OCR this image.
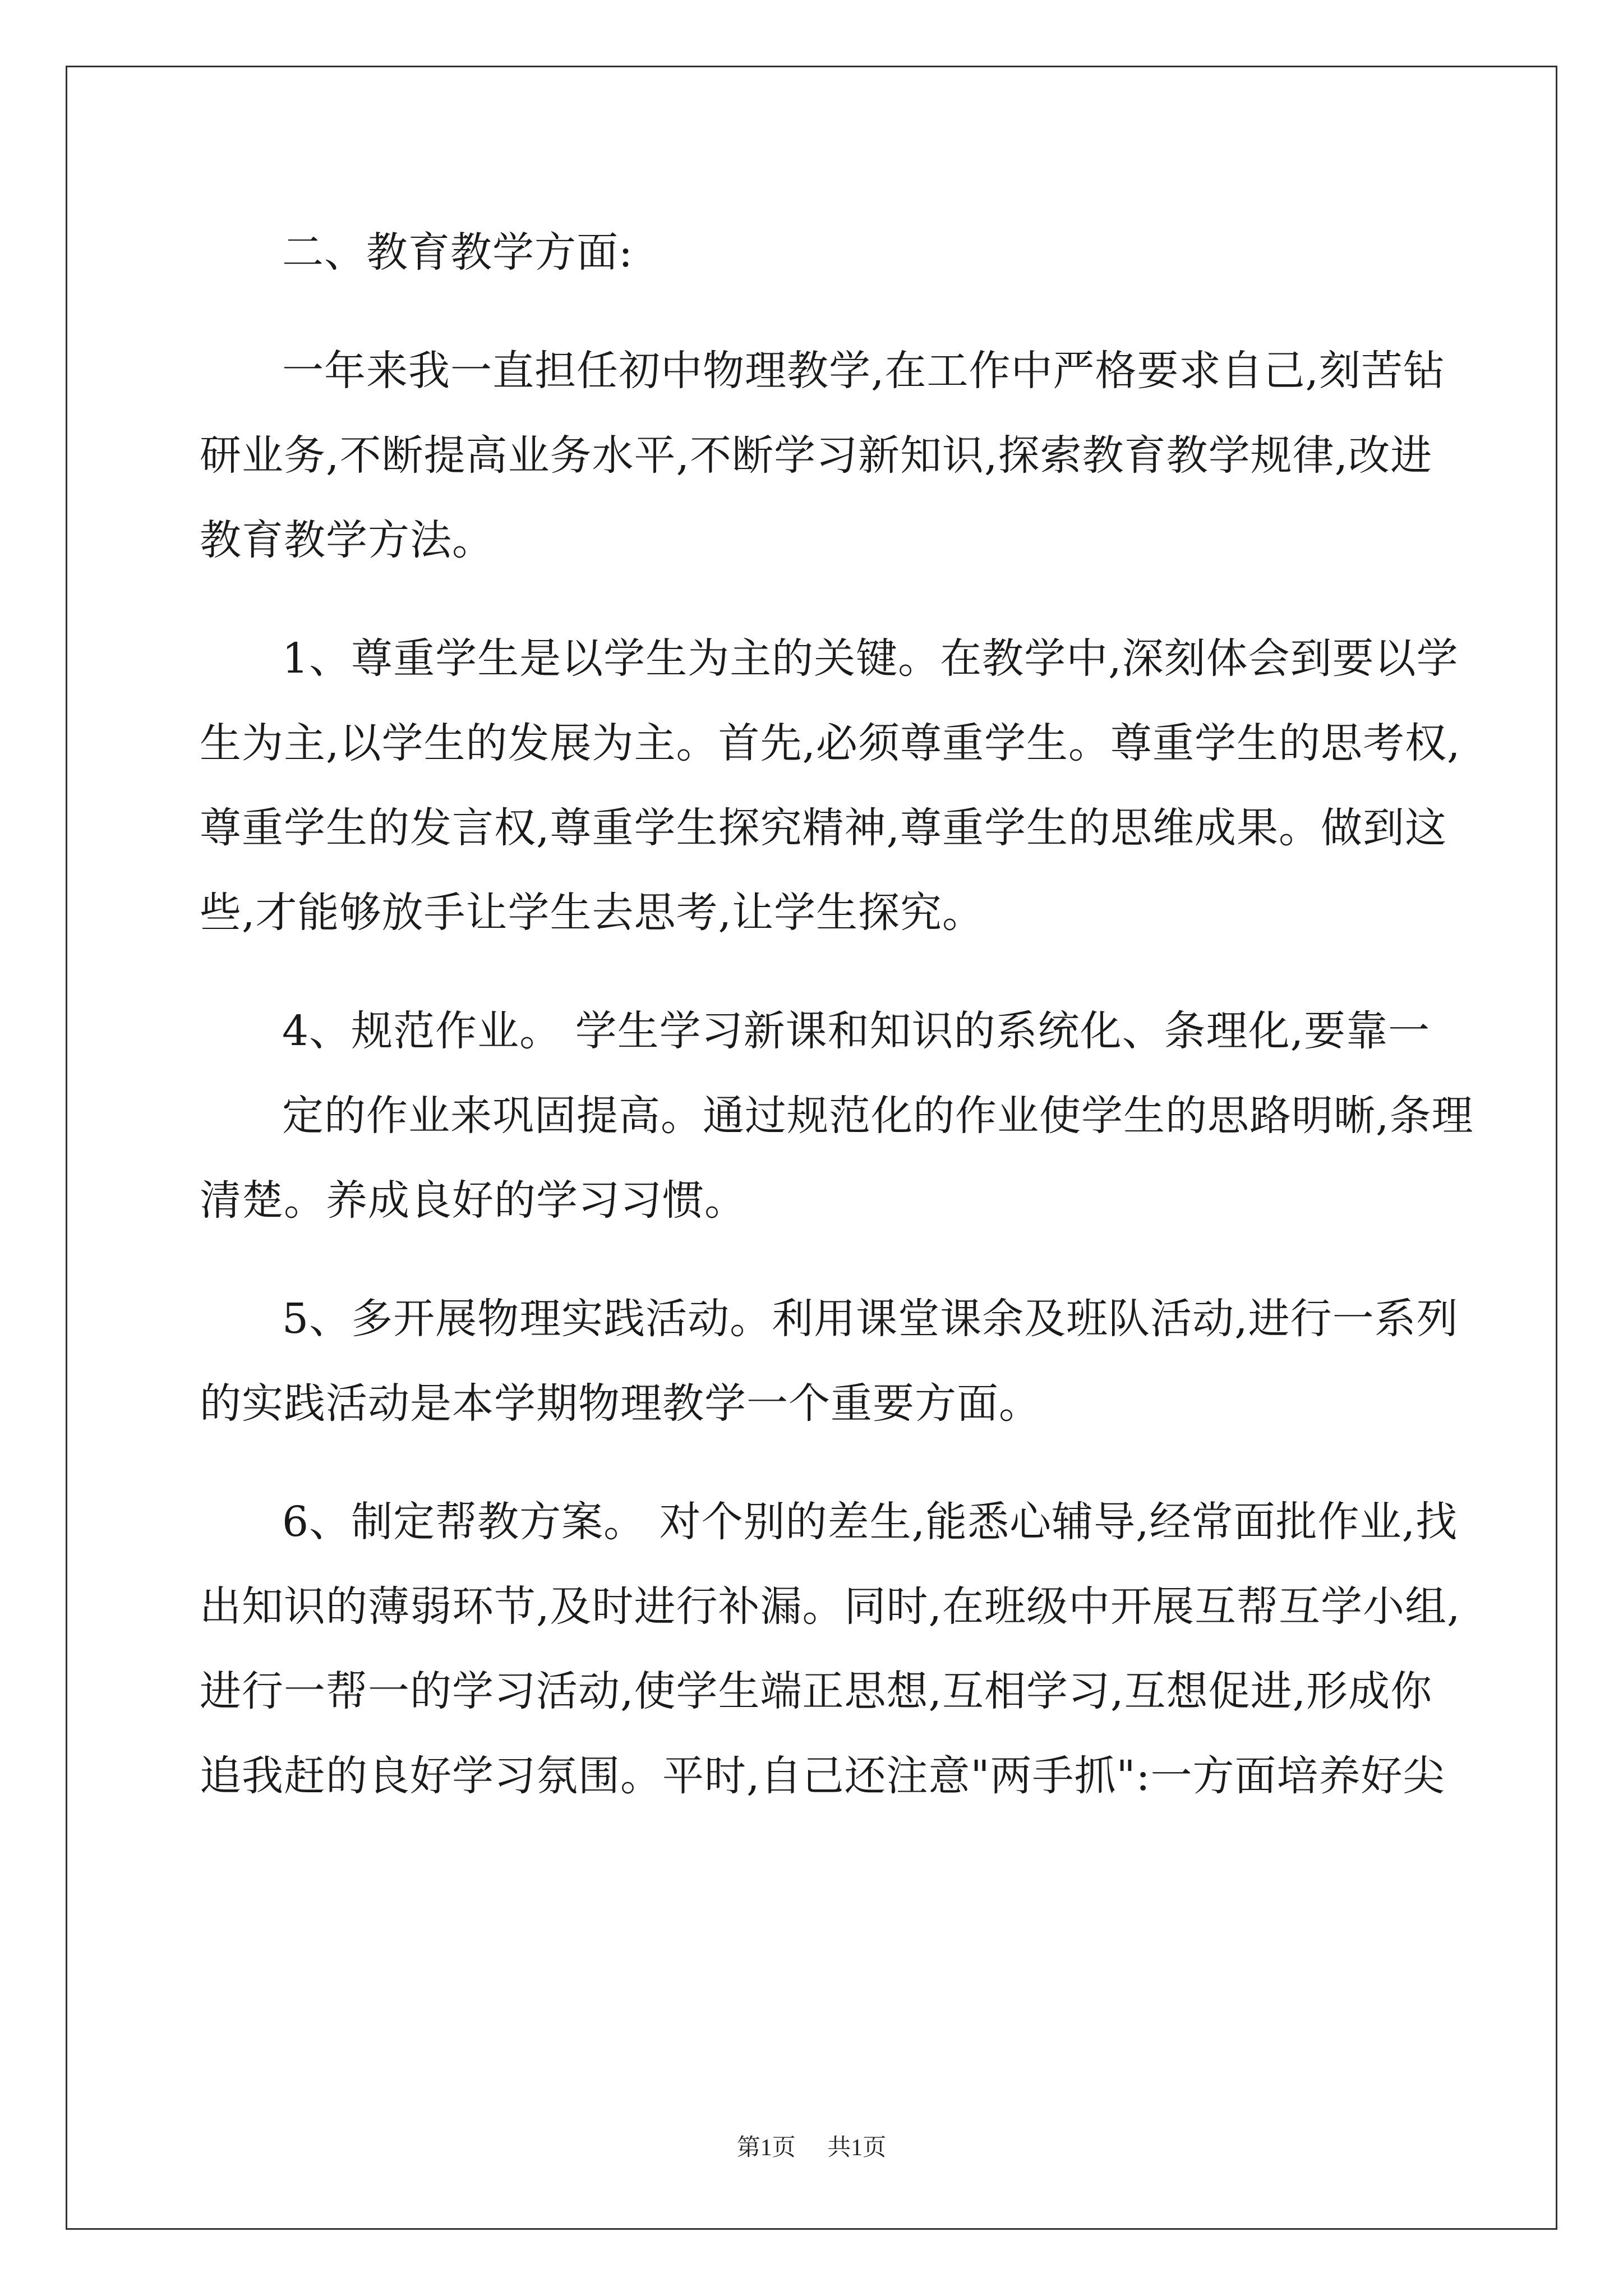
二、教育教学方面:
一年来我一直担任初中物理教学,在工作中严格要求自己,刻苦钻
研业务,不断提高业务水平,不断学习新知识,探索教育教学规律,改进
教育教学方法。
1、尊重学生是以学生为主的关键。在教学中,深刻体会到要以学
生为主,以学生的发展为主。首先,必须尊重学生。尊重学生的思考权,
尊重学生的发言权,尊重学生探究精神,尊重学生的思维成果。做到这
些,才能够放手让学生去思考,让学生探究。
4、规范作业。 学生学习新课和知识的系统化、条理化,要靠一
定的作业来巩固提高。通过规范化的作业使学生的思路明晰,条理
清楚。养成良好的学习习惯。
5、多开展物理实践活动。利用课堂课余及班队活动,进行一系列
的实践活动是本学期物理教学一个重要方面。
6、制定帮教方案。 对个别的差生,能悉心辅导,经常面批作业,找
出知识的薄弱环节,及时进行补漏。同时,在班级中开展互帮互学小组,
进行一帮一的学习活动,使学生端正思想,互相学习,互想促进,形成你
追我赶的良好学习氛围。平时,自己还注意"两手抓":一方面培养好尖
第1页 共1页
